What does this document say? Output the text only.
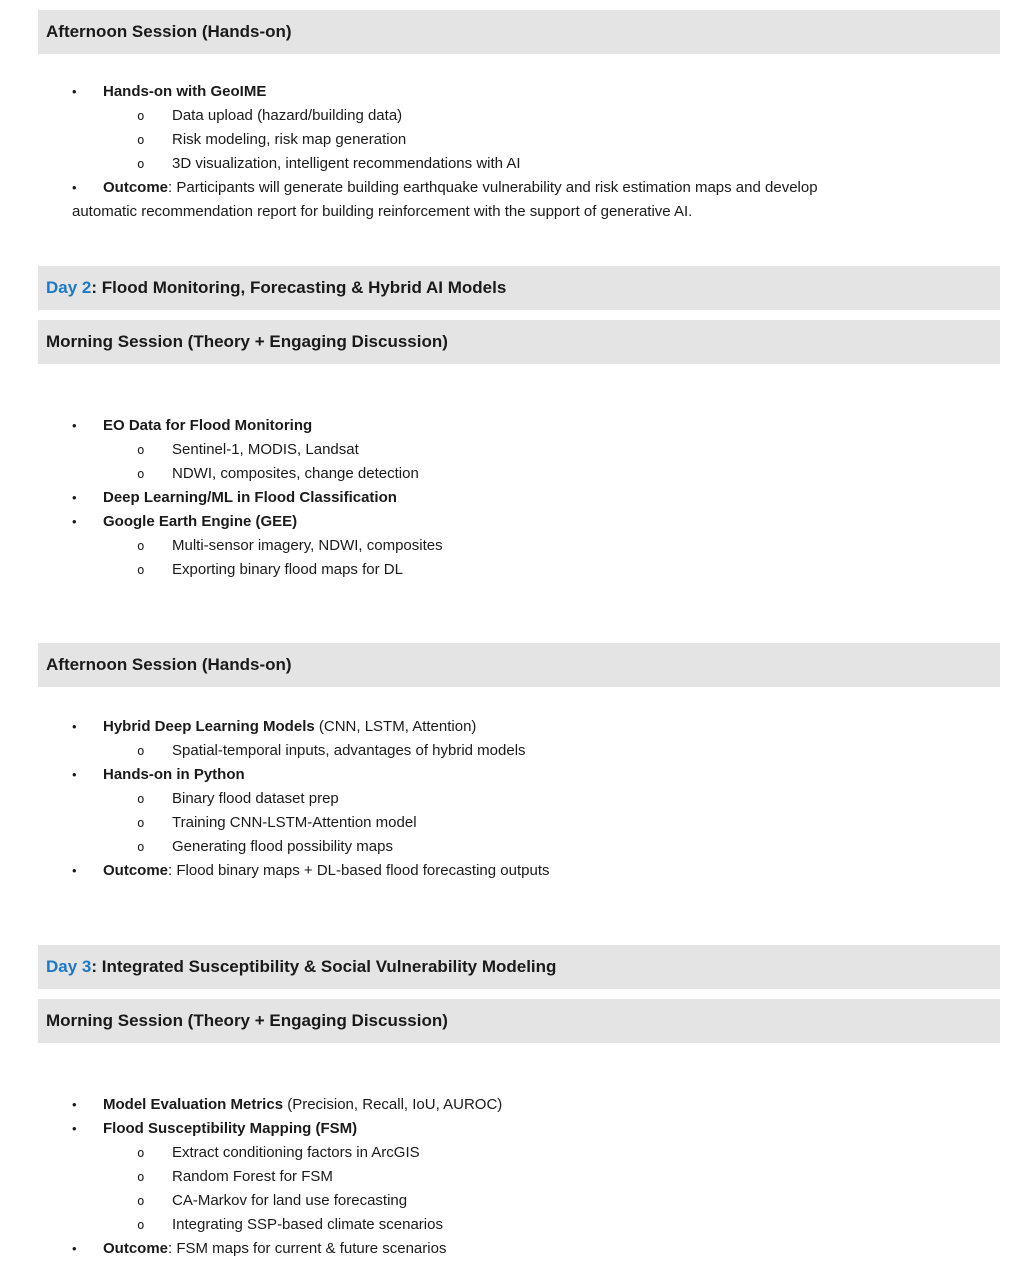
Afternoon Session (Hands-on)
• Hands-on with GeoIME
o Data upload (hazard/building data)
o Risk modeling, risk map generation
o 3D visualization, intelligent recommendations with AI
• Outcome: Participants will generate building earthquake vulnerability and risk estimation maps and develop
automatic recommendation report for building reinforcement with the support of generative AI.
Day 2: Flood Monitoring, Forecasting & Hybrid AI Models
Morning Session (Theory + Engaging Discussion)
• EO Data for Flood Monitoring
o Sentinel-1, MODIS, Landsat
o NDWI, composites, change detection
• Deep Learning/ML in Flood Classification
• Google Earth Engine (GEE)
o Multi-sensor imagery, NDWI, composites
o Exporting binary flood maps for DL
Afternoon Session (Hands-on)
• Hybrid Deep Learning Models (CNN, LSTM, Attention)
o Spatial-temporal inputs, advantages of hybrid models
• Hands-on in Python
o Binary flood dataset prep
o Training CNN-LSTM-Attention model
o Generating flood possibility maps
• Outcome: Flood binary maps + DL-based flood forecasting outputs
Day 3: Integrated Susceptibility & Social Vulnerability Modeling
Morning Session (Theory + Engaging Discussion)
• Model Evaluation Metrics (Precision, Recall, IoU, AUROC)
• Flood Susceptibility Mapping (FSM)
o Extract conditioning factors in ArcGIS
o Random Forest for FSM
o CA-Markov for land use forecasting
o Integrating SSP-based climate scenarios
• Outcome: FSM maps for current & future scenarios
